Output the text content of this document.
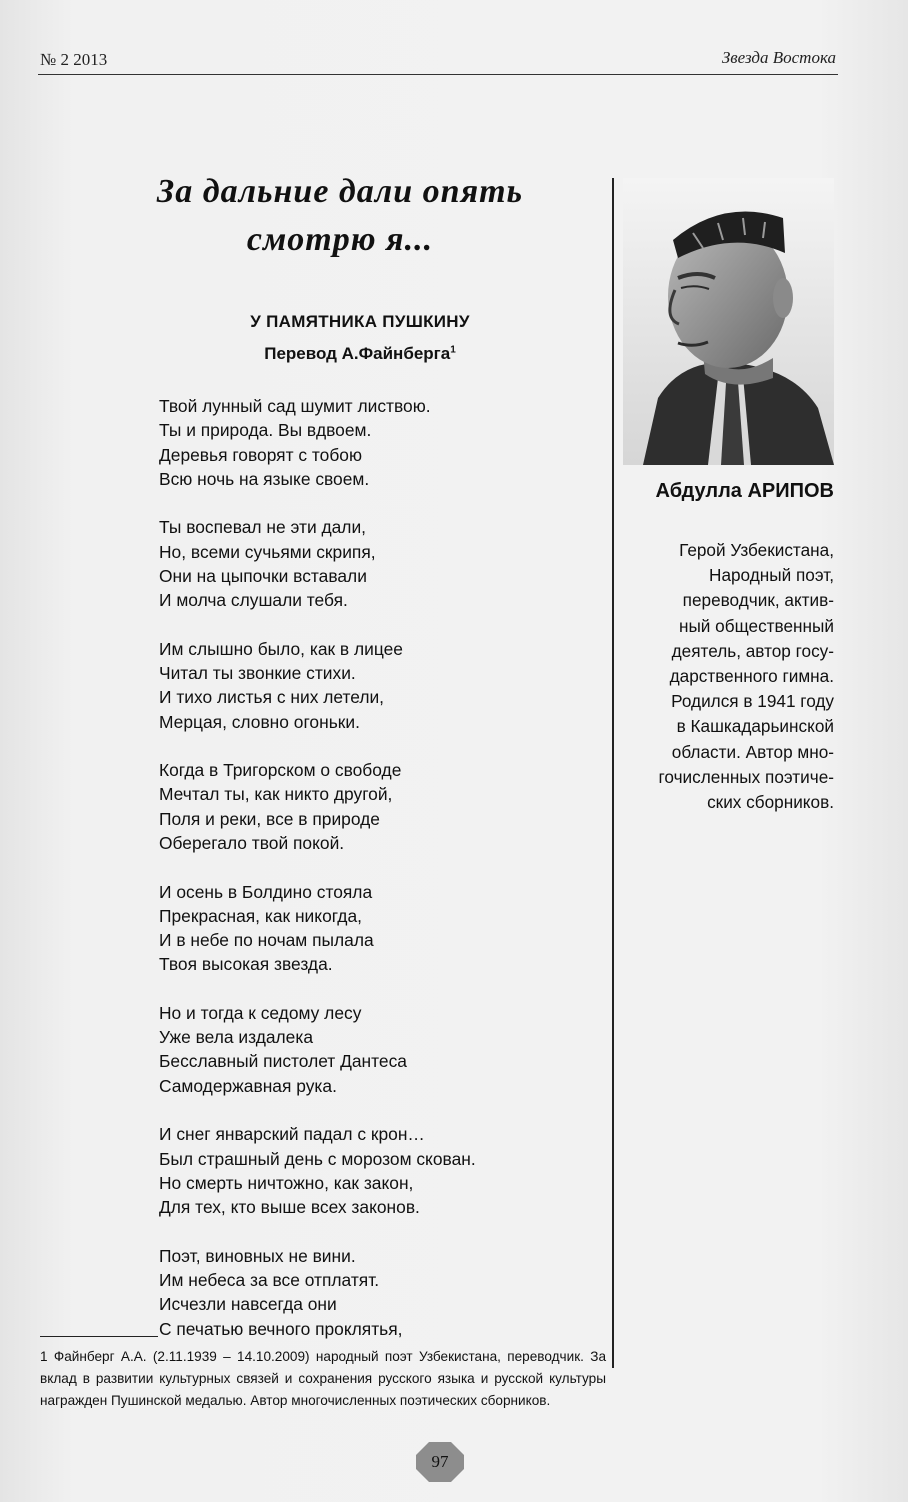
№ 2 2013	Звезда Востока
За дальние дали опять
смотрю я...
У ПАМЯТНИКА ПУШКИНУ
Перевод А.Файнберга$^1$
Твой лунный сад шумит листвою.
Ты и природа. Вы вдвоем.
Деревья говорят с тобою
Всю ночь на языке своем.
Ты воспевал не эти дали,
Но, всеми сучьями скрипя,
Они на цыпочки вставали
И молча слушали тебя.
Им слышно было, как в лицее
Читал ты звонкие стихи.
И тихо листья с них летели,
Мерцая, словно огоньки.
Когда в Тригорском о свободе
Мечтал ты, как никто другой,
Поля и реки, все в природе
Оберегало твой покой.
И осень в Болдино стояла
Прекрасная, как никогда,
И в небе по ночам пылала
Твоя высокая звезда.
Но и тогда к седому лесу
Уже вела издалека
Бесславный пистолет Дантеса
Самодержавная рука.
И снег январский падал с крон…
Был страшный день с морозом скован.
Но смерть ничтожно, как закон,
Для тех, кто выше всех законов.
Поэт, виновных не вини.
Им небеса за все отплатят.
Исчезли навсегда они
С печатью вечного проклятья,
Абдулла АРИПОВ
Герой Узбекистана,
Народный поэт,
переводчик, актив-
ный общественный
деятель, автор госу-
дарственного гимна.
Родился в 1941 году
в Кашкадарьинской
области. Автор мно-
гочисленных поэтиче-
ских сборников.
1 Файнберг А.А. (2.11.1939 – 14.10.2009) народный поэт Узбекистана, переводчик. За вклад в развитии культурных связей и сохранения русского языка и русской культуры награжден Пушинской медалью. Автор многочисленных поэтических сборников.
97
